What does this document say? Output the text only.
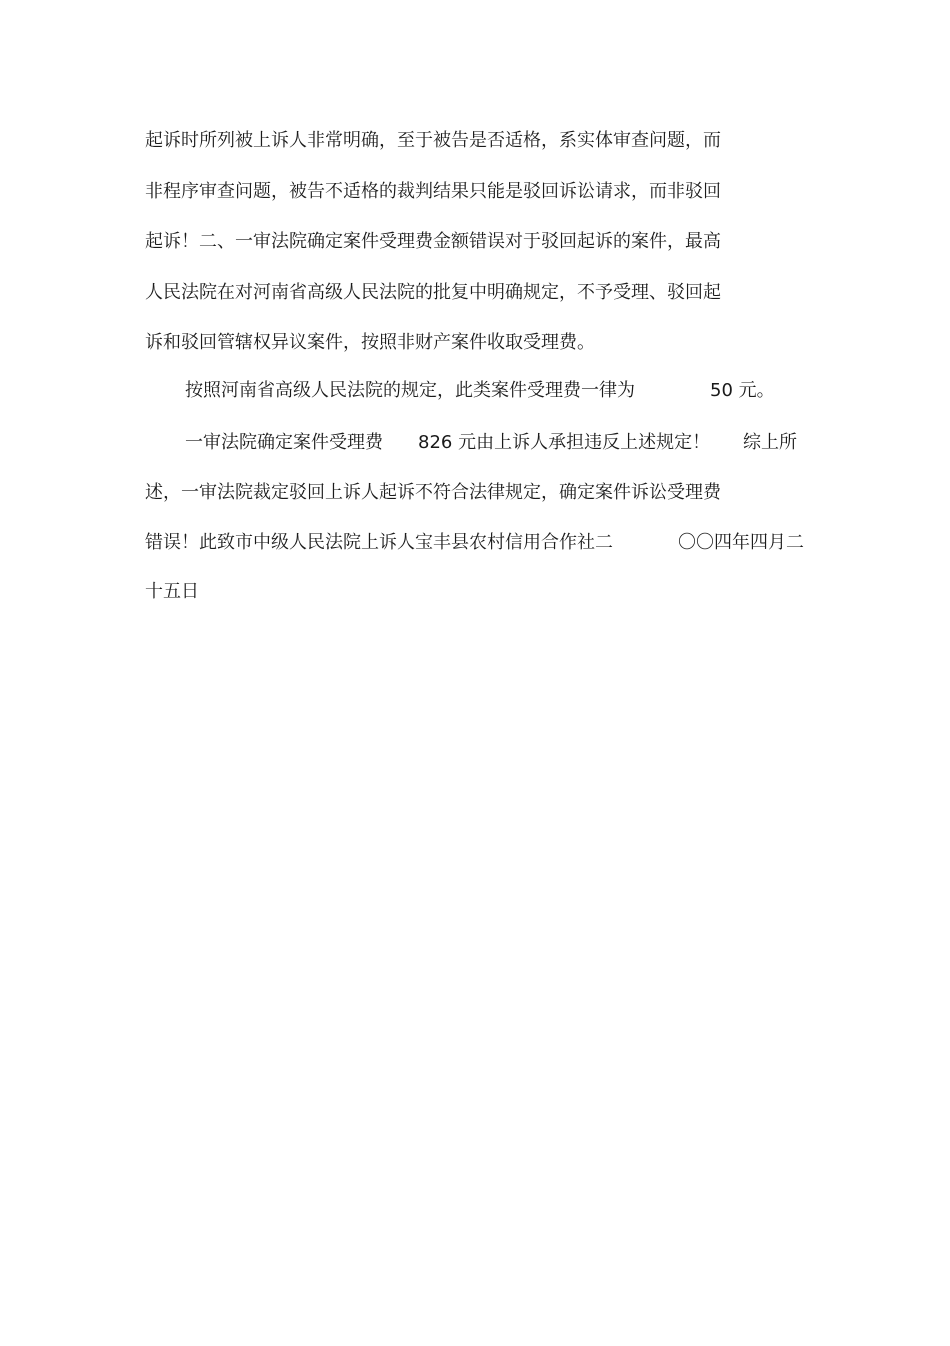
起诉时所列被上诉人非常明确，至于被告是否适格，系实体审查问题，而
非程序审查问题，被告不适格的裁判结果只能是驳回诉讼请求，而非驳回
起诉！二、一审法院确定案件受理费金额错误对于驳回起诉的案件，最高
人民法院在对河南省高级人民法院的批复中明确规定，不予受理、驳回起
诉和驳回管辖权异议案件，按照非财产案件收取受理费。
按照河南省高级人民法院的规定，此类案件受理费一律为	50 元。
一审法院确定案件受理费 826 元由上诉人承担违反上述规定！ 综上所
述，一审法院裁定驳回上诉人起诉不符合法律规定，确定案件诉讼受理费
错误！此致市中级人民法院上诉人宝丰县农村信用合作社二	〇〇四年四月二
十五日
